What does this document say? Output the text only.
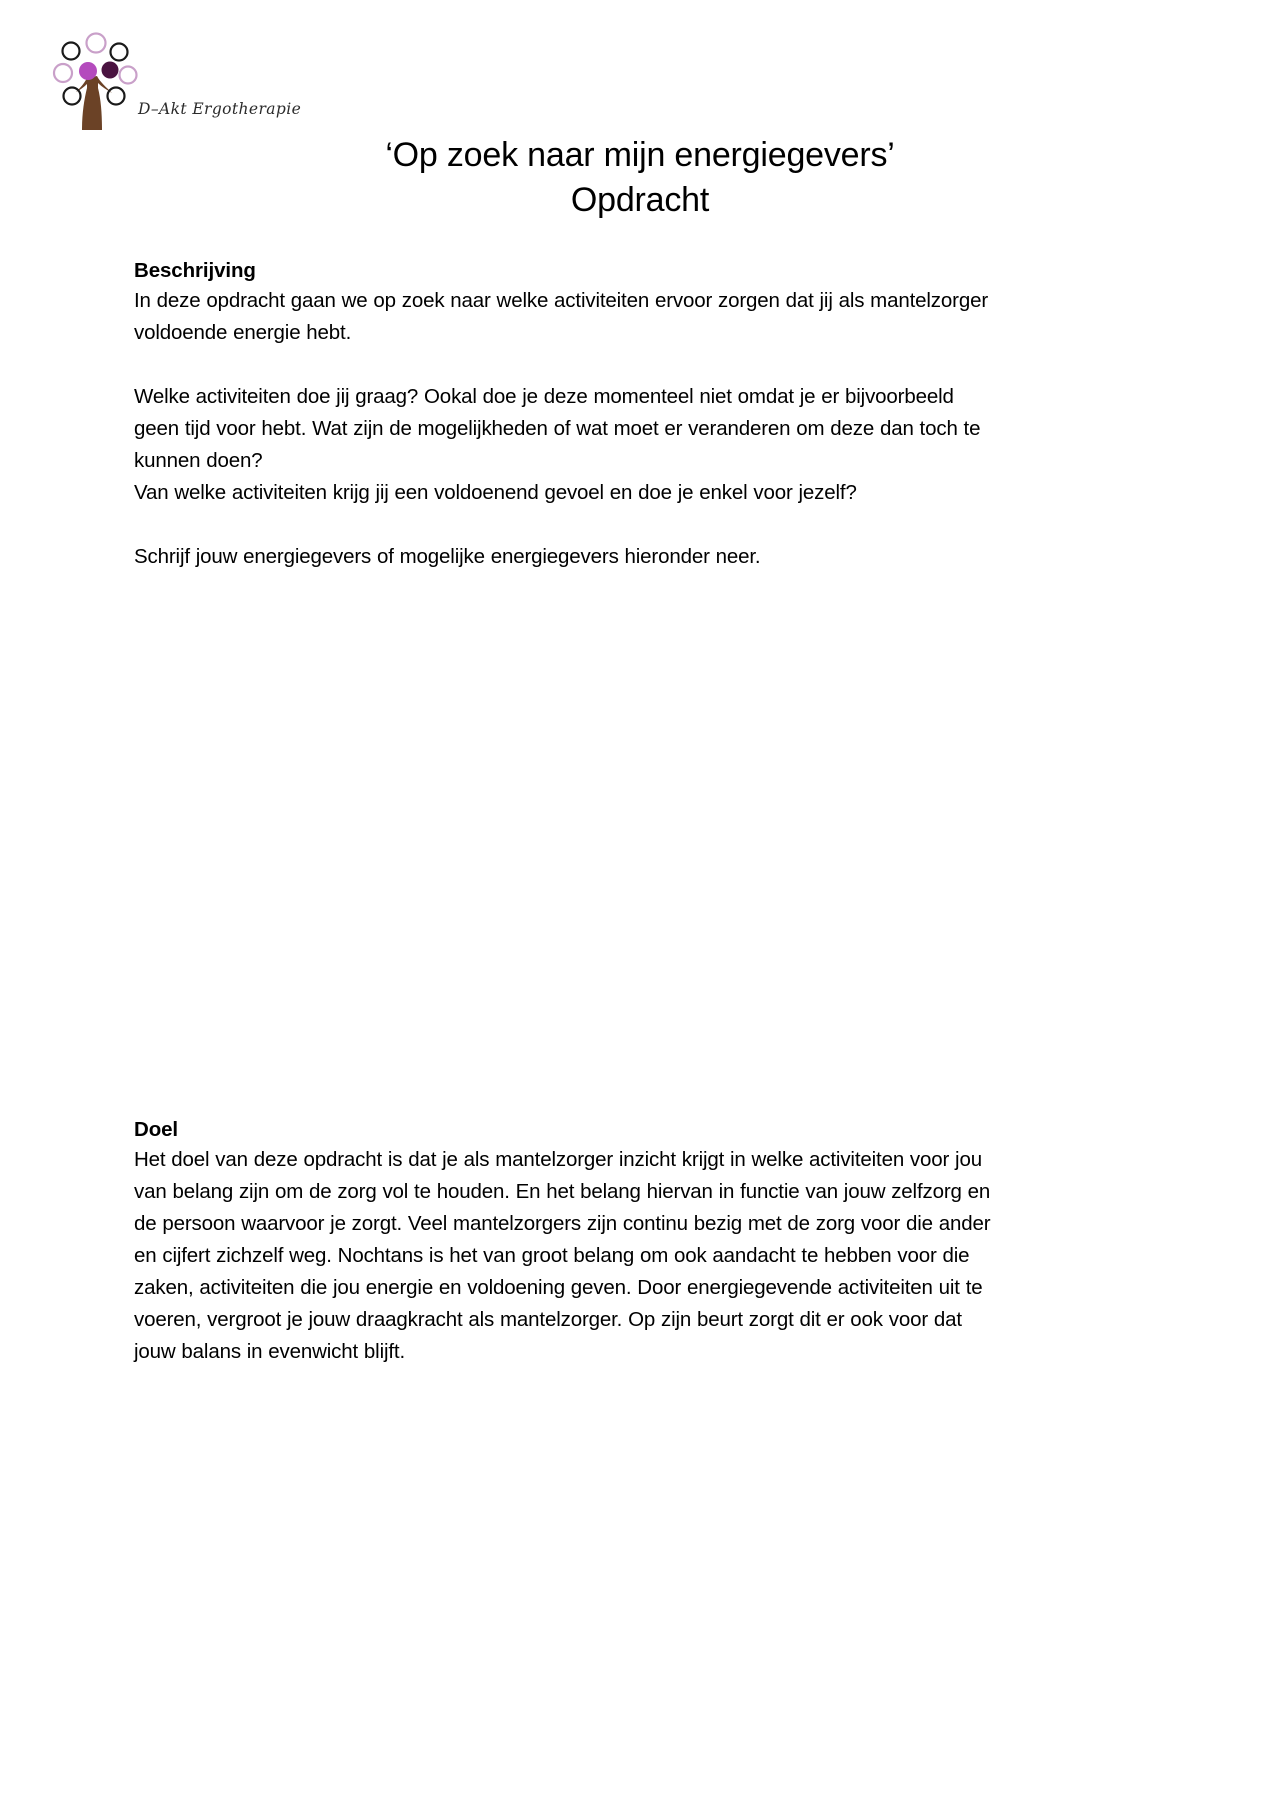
D–Akt Ergotherapie
‘Op zoek naar mijn energiegevers’
Opdracht
Beschrijving

In deze opdracht gaan we op zoek naar welke activiteiten ervoor zorgen dat jij als mantelzorger voldoende energie hebt.

Welke activiteiten doe jij graag? Ookal doe je deze momenteel niet omdat je er bijvoorbeeld geen tijd voor hebt. Wat zijn de mogelijkheden of wat moet er veranderen om deze dan toch te kunnen doen?

Van welke activiteiten krijg jij een voldoenend gevoel en doe je enkel voor jezelf?

Schrijf jouw energiegevers of mogelijke energiegevers hieronder neer.

Doel

Het doel van deze opdracht is dat je als mantelzorger inzicht krijgt in welke activiteiten voor jou van belang zijn om de zorg vol te houden. En het belang hiervan in functie van jouw zelfzorg en de persoon waarvoor je zorgt. Veel mantelzorgers zijn continu bezig met de zorg voor die ander en cijfert zichzelf weg. Nochtans is het van groot belang om ook aandacht te hebben voor die zaken, activiteiten die jou energie en voldoening geven. Door energiegevende activiteiten uit te voeren, vergroot je jouw draagkracht als mantelzorger. Op zijn beurt zorgt dit er ook voor dat jouw balans in evenwicht blijft.
